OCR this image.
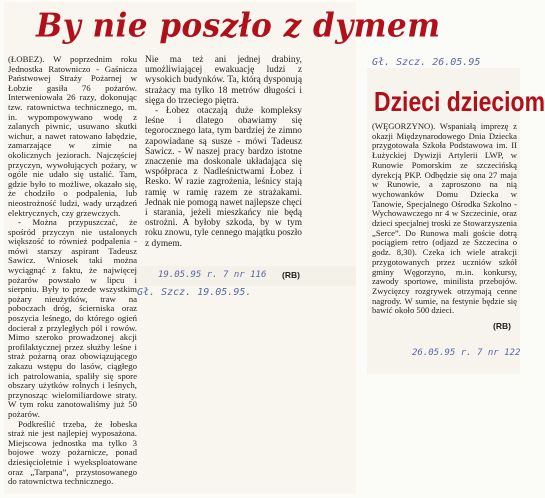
By nie poszło z dymem

(ŁOBEZ). W poprzednim roku Jednostka Ratowniczo - Gaśnicza Państwowej Straży Pożarnej w Łobzie gasiła 76 pożarów. Interweniowała 26 razy, dokonując tzw. ratownictwa technicznego, m. in. wypompowywano wodę z zalanych piwnic, usuwano skutki wichur, a nawet ratowano łabędzie, zamarzające w zimie na okolicznych jeziorach. Najczęściej przyczyn, wywołujących pożary, w ogóle nie udało się ustalić. Tam, gdzie było to możliwe, okazało się, że chodziło o podpalenia, lub nieostrożność ludzi, wady urządzeń elektrycznych, czy grzewczych.

- Można przypuszczać, że spośród przyczyn nie ustalonych większość to również podpalenia - mówi starszy aspirant Tadeusz Sawicz. Wniosek taki można wyciągnąć z faktu, że najwięcej pożarów powstało w lipcu i sierpniu. Były to przede wszystkim pożary nieużytków, traw na poboczach dróg, ścierniska oraz poszycia leśnego, do którego ogień docierał z przyległych pól i rowów. Mimo szeroko prowadzonej akcji profilaktycznej przez służby leśne i straż pożarną oraz obowiązującego zakazu wstępu do lasów, ciągłego ich patrolowania, spaliły się spore obszary użytków rolnych i leśnych, przynosząc wielomiliardowe straty. W tym roku zanotowaliśmy już 50 pożarów.

Podkreślić trzeba, że łobeska straż nie jest najlepiej wyposażona. Miejscowa jednostka ma tylko 3 bojowe wozy pożarnicze, ponad dziesięcioletnie i wyeksploatowane oraz „Tarpana”, przystosowanego do ratownictwa technicznego.

Nie ma też ani jednej drabiny, umożliwiającej ewakuację ludzi z wysokich budynków. Ta, którą dysponują strażacy ma tylko 18 metrów długości i sięga do trzeciego piętra.

- Łobez otaczają duże kompleksy leśne i dlatego obawiamy się tegorocznego lata, tym bardziej że zimno zapowiadane są susze - mówi Tadeusz Sawicz. - W naszej pracy bardzo istotne znaczenie ma doskonale układająca się współpraca z Nadleśnictwami Łobez i Resko. W razie zagrożenia, leśnicy stają ramię w ramię razem ze strażakami. Jednak nie pomogą nawet najlepsze chęci i starania, jeżeli mieszkańcy nie będą ostrożni. A byłoby szkoda, by w tym roku znowu, tyle cennego majątku poszło z dymem.

(RB)
Dzieci dzieciom

(WĘGORZYNO). Wspaniałą imprezę z okazji Międzynarodowego Dnia Dziecka przygotowała Szkoła Podstawowa im. II Łużyckiej Dywizji Artylerii LWP, w Runowie Pomorskim ze szczecińską dyrekcją PKP. Odbędzie się ona 27 maja w Runowie, a zaproszono na nią wychowanków Domu Dziecka w Tanowie, Specjalnego Ośrodka Szkolno - Wychowawczego nr 4 w Szczecinie, oraz dzieci specjalnej troski ze Stowarzyszenia „Serce”. Do Runowa mali goście dotrą pociągiem retro (odjazd ze Szczecina o godz. 8,30). Czeka ich wiele atrakcji przygotowanych przez uczniów szkół gminy Węgorzyno, m.in. konkursy, zawody sportowe, minilista przebojów. Zwycięzcy rozgrywek otrzymają cenne nagrody. W sumie, na festynie będzie się bawić około 500 dzieci.

(RB)
19.05.95 r. 7 nr 116
Gł. Szcz. 19.05.95.
Gł. Szcz. 26.05.95
26.05.95 r. 7 nr 122
